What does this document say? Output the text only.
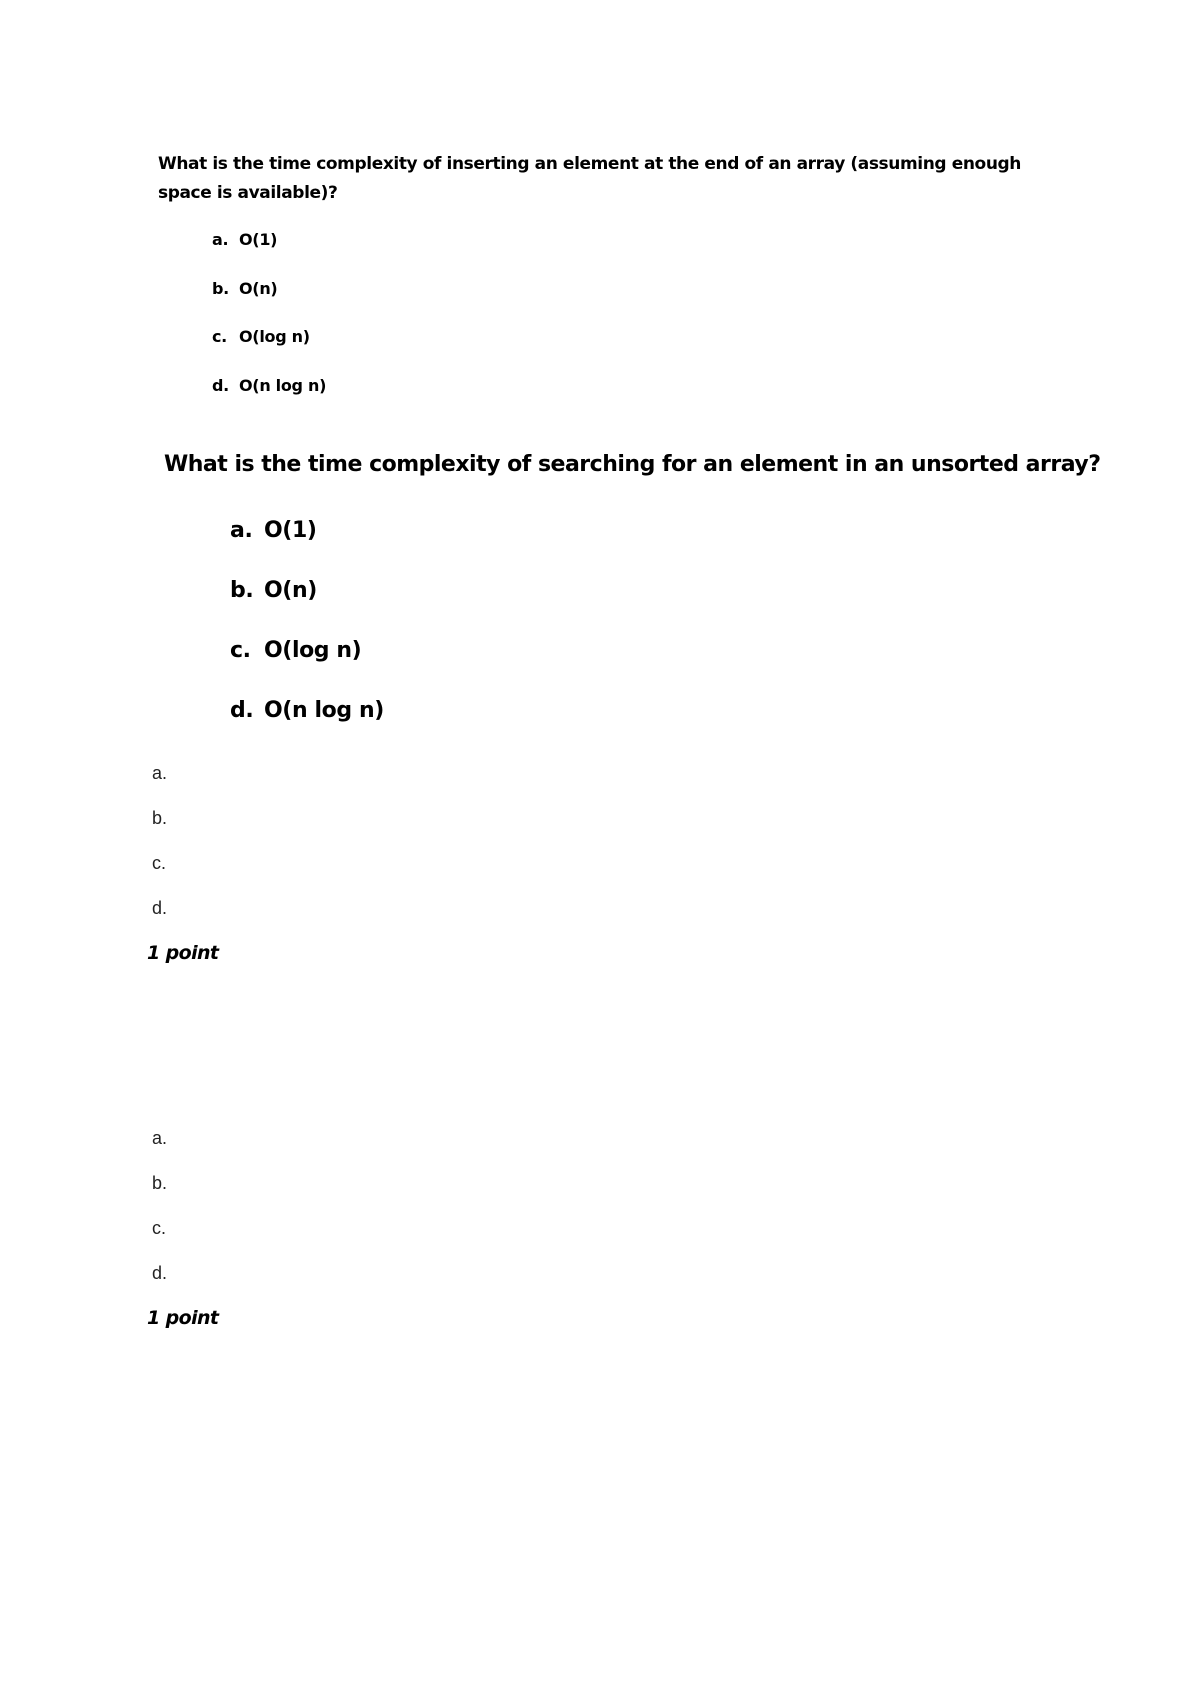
What is the time complexity of inserting an element at the end of an array (assuming enough space is available)?
a. O(1)
b. O(n)
c. O(log n)
d. O(n log n)
What is the time complexity of searching for an element in an unsorted array?
a. O(1)
b. O(n)
c. O(log n)
d. O(n log n)
a.
b.
c.
d.
1 point
a.
b.
c.
d.
1 point
